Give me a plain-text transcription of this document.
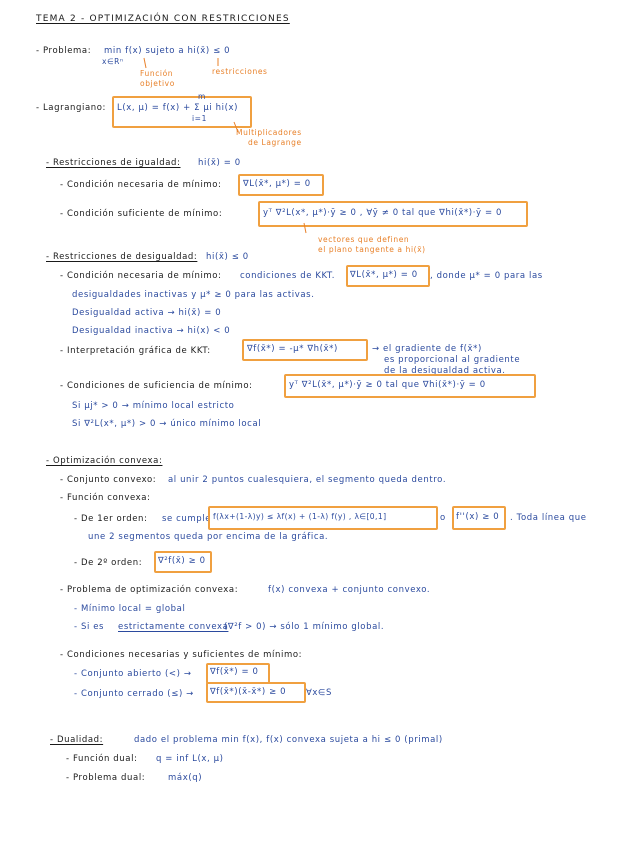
TEMA 2 - OPTIMIZACIÓN CON RESTRICCIONES
- Problema: min f(x) sujeto a hi(x̄) ≤ 0
x∈Rⁿ
Función objetivo
restricciones
- Lagrangiano: L(x, μ) = f(x) + Σ μi hi(x)
m
i=1
Multiplicadores
de Lagrange
- Restricciones de igualdad: hi(x̄) = 0
- Condición necesaria de mínimo:	∇L(x̄*, μ*) = 0
- Condición suficiente de mínimo:	yᵀ ∇²L(x*, μ*)·ȳ ≥ 0 , ∀ȳ ≠ 0 tal que ∇hi(x̄*)·ȳ = 0
vectores que definen
el plano tangente a hi(x̄)
- Restricciones de desigualdad: hi(x̄) ≤ 0
- Condición necesaria de mínimo: condiciones de KKT. ∇L(x̄*, μ*) = 0 , donde μ* = 0 para las
desigualdades inactivas y μ* ≥ 0 para las activas.
Desigualdad activa → hi(x̄) = 0
Desigualdad inactiva → hi(x) < 0
- Interpretación gráfica de KKT:	∇f(x̄*) = -μ* ∇h(x̄*)	→ el gradiente de f(x̄*)
es proporcional al gradiente
de la desigualdad activa.
- Condiciones de suficiencia de mínimo:	yᵀ ∇²L(x̄*, μ*)·ȳ ≥ 0 tal que ∇hi(x̄*)·ȳ = 0
Si μj* > 0 → mínimo local estricto
Si ∇²L(x*, μ*) > 0 → único mínimo local
- Optimización convexa:
- Conjunto convexo: al unir 2 puntos cualesquiera, el segmento queda dentro.
- Función convexa:
- De 1er orden: se cumple f(λx+(1-λ)y) ≤ λf(x) + (1-λ) f(y) , λ∈[0,1]	o f''(x) ≥ 0 . Toda línea que
une 2 segmentos queda por encima de la gráfica.
- De 2º orden: ∇²f(x̄) ≥ 0
- Problema de optimización convexa:	f(x) convexa + conjunto convexo.
- Mínimo local = global
- Si es estrictamente convexa
(∇²f > 0) → sólo 1 mínimo global.
- Condiciones necesarias y suficientes de mínimo:
- Conjunto abierto (<) → ∇f(x̄*) = 0
- Conjunto cerrado (≤) → ∇f(x̄*)(x̄-x̄*) ≥ 0 ∀x∈S
- Dualidad:	dado el problema min f(x), f(x) convexa sujeta a hi ≤ 0 (primal)
- Función dual: q = inf L(x, μ)
- Problema dual:	máx(q)
